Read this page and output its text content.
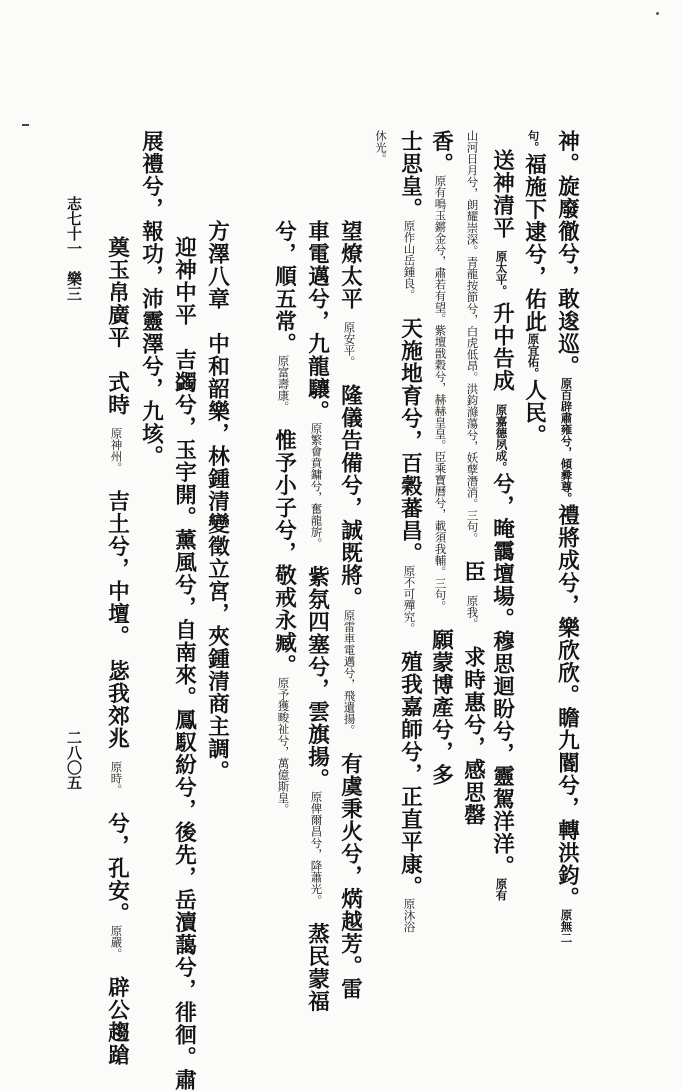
神。旋廢徹兮，敢逡巡。原百辟肅雍兮，傾彛尊。禮將成兮，樂欣欣。瞻九閽兮，轉洪鈞。原無二
句。福施下逮兮，佑此原宜佑。人民。
送神清平　原太平。　升中告成　原嘉德夙成。兮，晻靄壇場。穆思迴盼兮，靈駕洋洋。原有
山河日月兮，朗耀崇深。青龍按節兮，白虎低昂。洪鈞滌蕩兮，妖孽潛消。三句。　臣　原我。　求時惠兮，感思罄
香。原有鳴玉鏘金兮，肅若有望。紫壇戩穀兮，赫赫皇皇。臣乘寶曆兮，載須我輔。三句。　願蒙博產兮，多
士思皇。原作山岳鍾良。　天施地育兮，百穀蕃昌。原不可殫究。　殖我嘉師兮，正直平康。原沐浴
休光。
望燎太平　原安平。　隆儀告備兮，誠既將。原雷車電邁兮，飛遺揚。　有虞秉火兮，焫越芳。雷
車電邁兮，九龍驤。原繁會賁鏞兮，奮龍旂。　紫氛四塞兮，雲旗揚。原俾爾昌兮，降蕭光。　蒸民蒙福
兮，順五常。原富壽康。　惟予小子兮，敬戒永臧。原予獲畯祉兮，萬億斯皇。
方澤八章　中和韶樂，林鍾清變徵立宮，夾鍾清商主調。
迎神中平　吉蠲兮，玉宇開。薰風兮，自南來。鳳馭紛兮，後先，岳瀆藹兮，徘徊。肅
展禮兮，報功，沛靈澤兮，九垓。
奠玉帛廣平　式時　原神州。　吉土兮，中壇。　毖我郊兆　原時。　兮，孔安。原嚴。　辟公趨蹌
志七十一　樂三
二八〇五
